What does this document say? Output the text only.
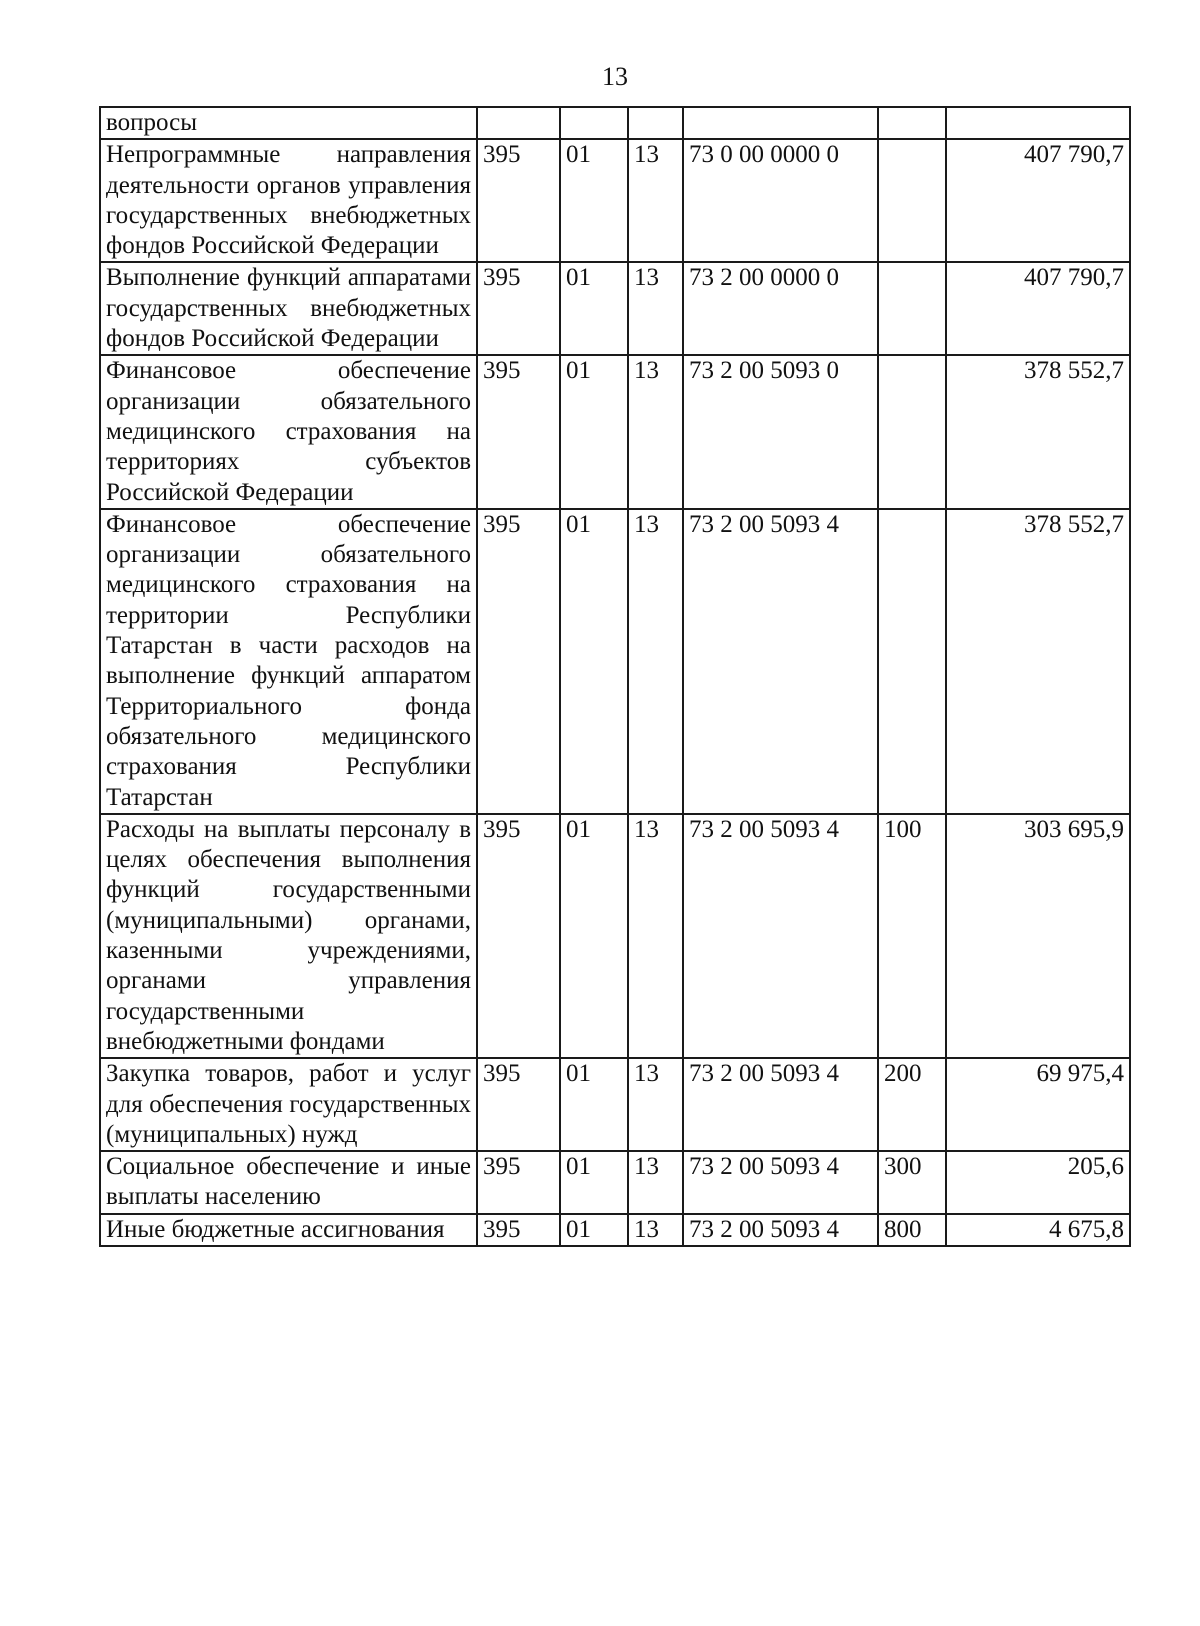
13
вопросы						
Непрограммные направления деятельности органов управления государственных внебюджетных фондов Российской Федерации	395	01	13	73 0 00 0000 0		407 790,7
Выполнение функций аппаратами государственных внебюджетных фондов Российской Федерации	395	01	13	73 2 00 0000 0		407 790,7
Финансовое обеспечение организации обязательного медицинского страхования на территориях субъектов Российской Федерации	395	01	13	73 2 00 5093 0		378 552,7
Финансовое обеспечение организации обязательного медицинского страхования на территории Республики Татарстан в части расходов на выполнение функций аппаратом Территориального фонда обязательного медицинского страхования Республики Татарстан	395	01	13	73 2 00 5093 4		378 552,7
Расходы на выплаты персоналу в целях обеспечения выполнения функций государственными (муниципальными) органами, казенными учреждениями, органами управления государственными внебюджетными фондами	395	01	13	73 2 00 5093 4	100	303 695,9
Закупка товаров, работ и услуг для обеспечения государственных (муниципальных) нужд	395	01	13	73 2 00 5093 4	200	69 975,4
Социальное обеспечение и иные выплаты населению	395	01	13	73 2 00 5093 4	300	205,6
Иные бюджетные ассигнования	395	01	13	73 2 00 5093 4	800	4 675,8
